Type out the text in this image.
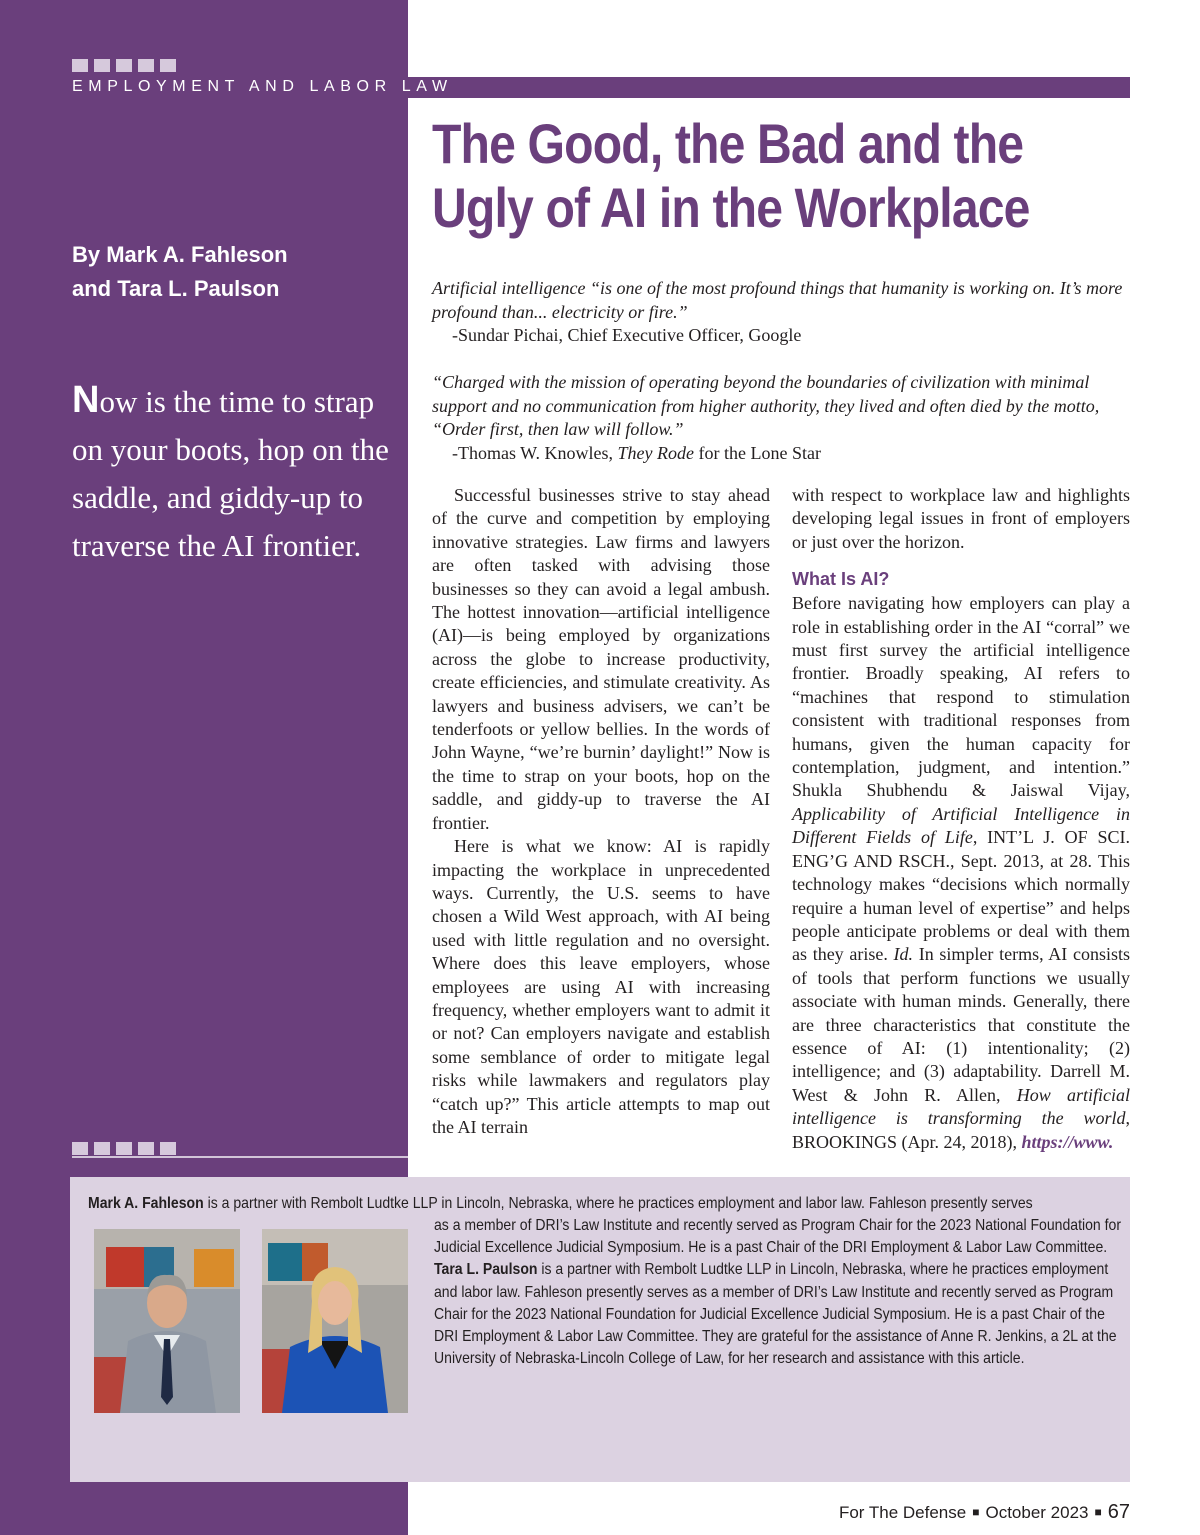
EMPLOYMENT AND LABOR LAW
The Good, the Bad and the
Ugly of AI in the Workplace

By Mark A. Fahleson
and Tara L. Paulson

Now is the time to strap on your boots, hop on the saddle, and giddy-up to traverse the AI frontier.

Artificial intelligence “is one of the most profound things that humanity is working on. It’s more profound than... electricity or fire.”
-Sundar Pichai, Chief Executive Officer, Google

“Charged with the mission of operating beyond the boundaries of civilization with minimal support and no communication from higher authority, they lived and often died by the motto, “Order first, then law will follow.”
-Thomas W. Knowles, They Rode for the Lone Star

Successful businesses strive to stay ahead of the curve and competition by employing innovative strategies. Law firms and lawyers are often tasked with advising those businesses so they can avoid a legal ambush. The hottest innovation—artificial intelligence (AI)—is being employed by organizations across the globe to increase productivity, create efficiencies, and stimulate creativity. As lawyers and business advisers, we can’t be tenderfoots or yellow bellies. In the words of John Wayne, “we’re burnin’ daylight!” Now is the time to strap on your boots, hop on the saddle, and giddy-up to traverse the AI frontier.

Here is what we know: AI is rapidly impacting the workplace in unprecedented ways. Currently, the U.S. seems to have chosen a Wild West approach, with AI being used with little regulation and no oversight. Where does this leave employers, whose employees are using AI with increasing frequency, whether employers want to admit it or not? Can employers navigate and establish some semblance of order to mitigate legal risks while lawmakers and regulators play “catch up?” This article attempts to map out the AI terrain

with respect to workplace law and highlights developing legal issues in front of employers or just over the horizon.

What Is AI?

Before navigating how employers can play a role in establishing order in the AI “corral” we must first survey the artificial intelligence frontier. Broadly speaking, AI refers to “machines that respond to stimulation consistent with traditional responses from humans, given the human capacity for contemplation, judgment, and intention.” Shukla Shubhendu & Jaiswal Vijay, Applicability of Artificial Intelligence in Different Fields of Life, INT’L J. OF SCI. ENG’G AND RSCH., Sept. 2013, at 28. This technology makes “decisions which normally require a human level of expertise” and helps people anticipate problems or deal with them as they arise. Id. In simpler terms, AI consists of tools that perform functions we usually associate with human minds. Generally, there are three characteristics that constitute the essence of AI: (1) intentionality; (2) intelligence; and (3) adaptability. Darrell M. West & John R. Allen, How artificial intelligence is transforming the world, BROOKINGS (Apr. 24, 2018), https://www.

Mark A. Fahleson is a partner with Rembolt Ludtke LLP in Lincoln, Nebraska, where he practices employment and labor law. Fahleson presently serves

as a member of DRI’s Law Institute and recently served as Program Chair for the 2023 National Foundation for Judicial Excellence Judicial Symposium. He is a past Chair of the DRI Employment & Labor Law Committee. Tara L. Paulson is a partner with Rembolt Ludtke LLP in Lincoln, Nebraska, where he practices employment and labor law. Fahleson presently serves as a member of DRI’s Law Institute and recently served as Program Chair for the 2023 National Foundation for Judicial Excellence Judicial Symposium. He is a past Chair of the DRI Employment & Labor Law Committee. They are grateful for the assistance of Anne R. Jenkins, a 2L at the University of Nebraska-Lincoln College of Law, for her research and assistance with this article.

For The Defense ■ October 2023 ■ 67
